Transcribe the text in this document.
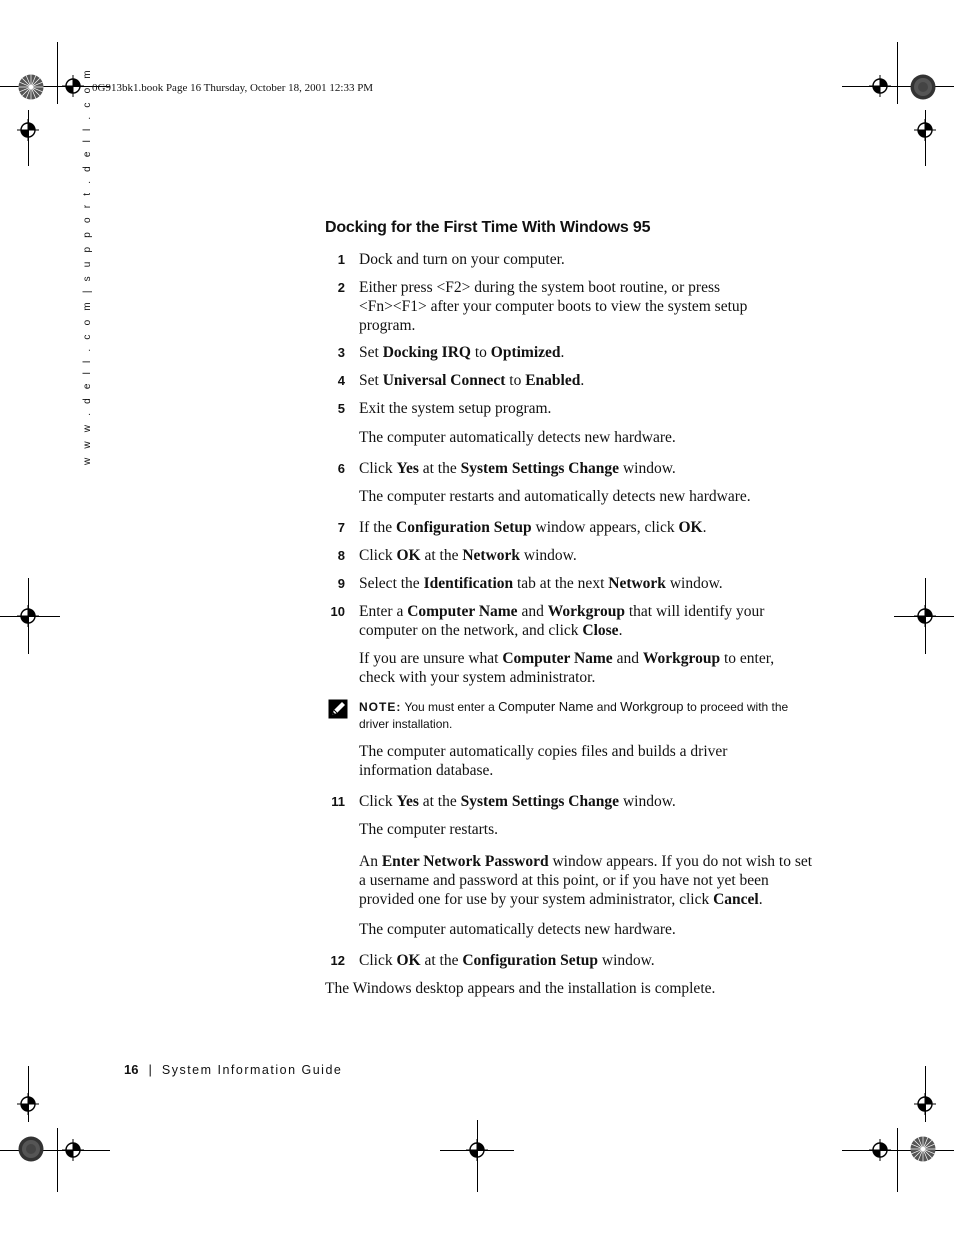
0G913bk1.book Page 16 Thursday, October 18, 2001 12:33 PM
w w w . d e l l . c o m | s u p p o r t . d e l l . c o m	Docking for the First Time With Windows 95
1 Dock and turn on your computer.
2 Either press <F2> during the system boot routine, or press
<Fn><F1> after your computer boots to view the system setup
program.
3 Set Docking IRQ to Optimized.
4 Set Universal Connect to Enabled.
5 Exit the system setup program.
The computer automatically detects new hardware.
6 Click Yes at the System Settings Change window.
The computer restarts and automatically detects new hardware.
7 If the Configuration Setup window appears, click OK.
8 Click OK at the Network window.
9 Select the Identification tab at the next Network window.
10 Enter a Computer Name and Workgroup that will identify your
computer on the network, and click Close.
If you are unsure what Computer Name and Workgroup to enter,
check with your system administrator.
NOTE: You must enter a Computer Name and Workgroup to proceed with the
driver installation.
The computer automatically copies files and builds a driver
information database.
11 Click Yes at the System Settings Change window.
The computer restarts.
An Enter Network Password window appears. If you do not wish to set
a username and password at this point, or if you have not yet been
provided one for use by your system administrator, click Cancel.
The computer automatically detects new hardware.
12 Click OK at the Configuration Setup window.
The Windows desktop appears and the installation is complete.
16 | System Information Guide
